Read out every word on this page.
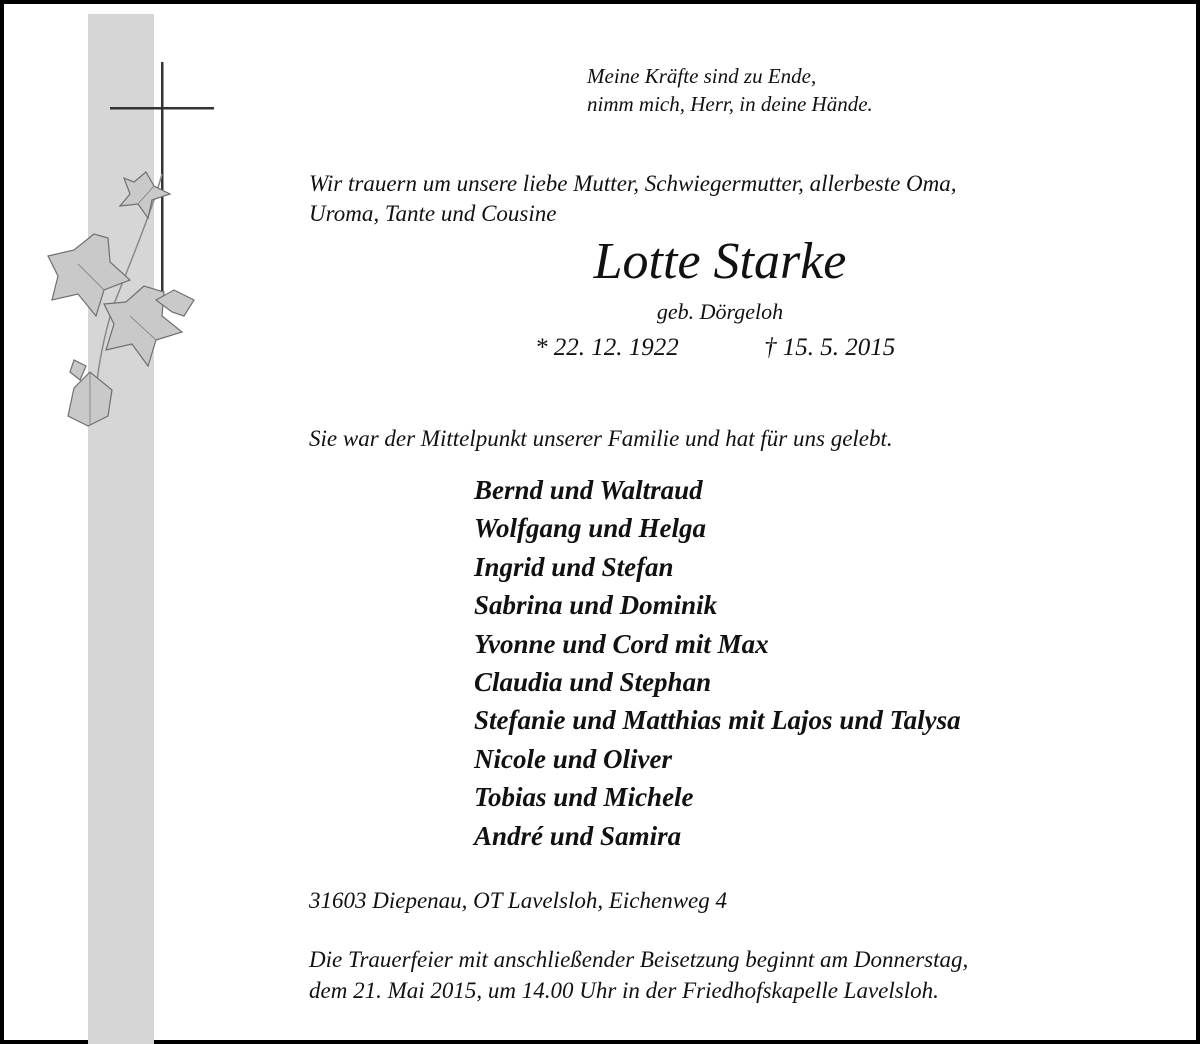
Meine Kräfte sind zu Ende,
nimm mich, Herr, in deine Hände.
Wir trauern um unsere liebe Mutter, Schwiegermutter, allerbeste Oma,
Uroma, Tante und Cousine
Lotte Starke
geb. Dörgeloh
* 22. 12. 1922	† 15. 5. 2015
Sie war der Mittelpunkt unserer Familie und hat für uns gelebt.
Bernd und Waltraud
Wolfgang und Helga
Ingrid und Stefan
Sabrina und Dominik
Yvonne und Cord mit Max
Claudia und Stephan
Stefanie und Matthias mit Lajos und Talysa
Nicole und Oliver
Tobias und Michele
André und Samira
31603 Diepenau, OT Lavelsloh, Eichenweg 4
Die Trauerfeier mit anschließender Beisetzung beginnt am Donnerstag,
dem 21. Mai 2015, um 14.00 Uhr in der Friedhofskapelle Lavelsloh.
